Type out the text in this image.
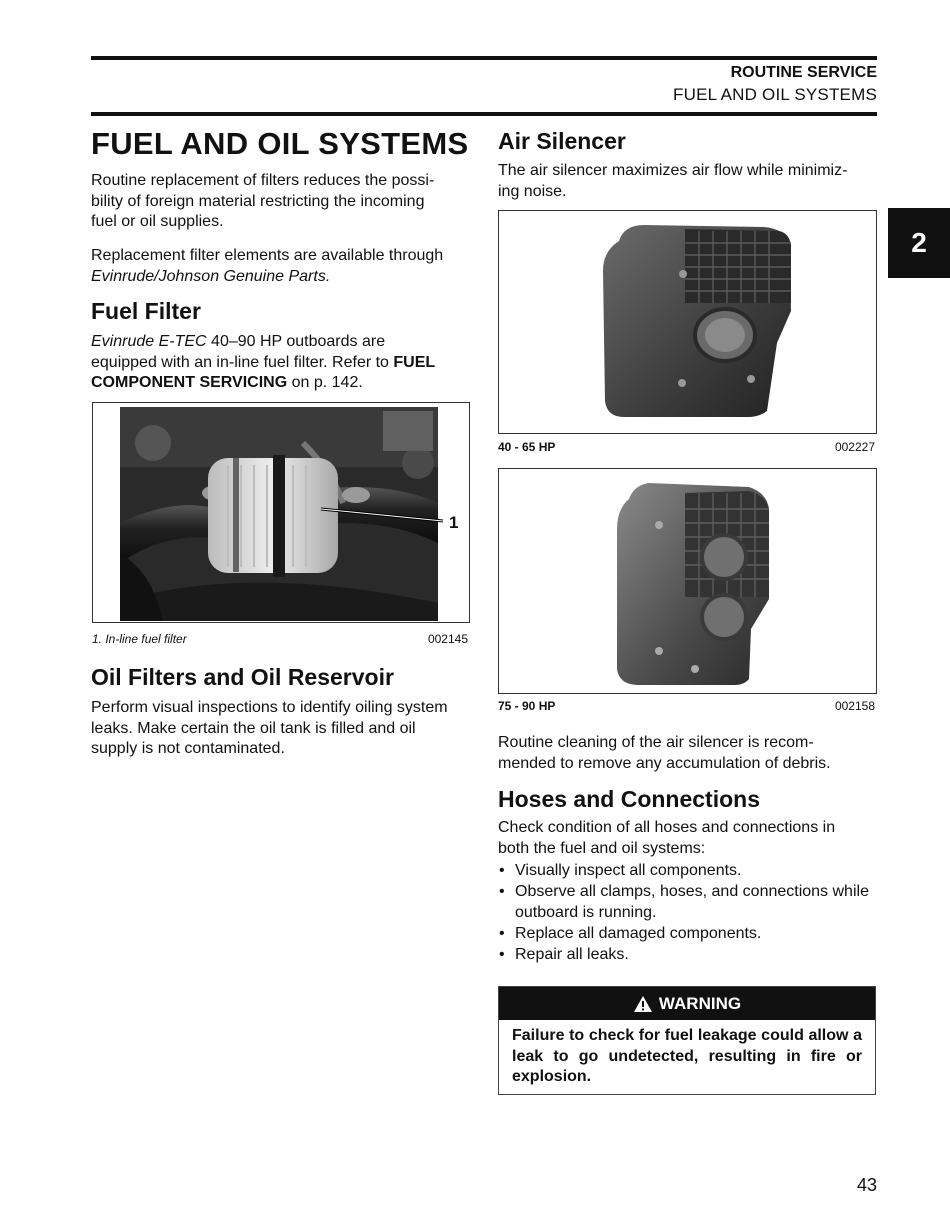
ROUTINE SERVICE
FUEL AND OIL SYSTEMS
2
FUEL AND OIL SYSTEMS
Routine replacement of filters reduces the possi-
bility of foreign material restricting the incoming
fuel or oil supplies.
Replacement filter elements are available through
Evinrude/Johnson Genuine Parts.
Fuel Filter
Evinrude E-TEC 40–90 HP outboards are
equipped with an in-line fuel filter. Refer to FUEL
COMPONENT SERVICING on p. 142.
1
1. In-line fuel filter	002145
Oil Filters and Oil Reservoir
Perform visual inspections to identify oiling system
leaks. Make certain the oil tank is filled and oil
supply is not contaminated.
Air Silencer
The air silencer maximizes air flow while minimiz-
ing noise.
40 - 65 HP	002227
75 - 90 HP	002158
Routine cleaning of the air silencer is recom-
mended to remove any accumulation of debris.
Hoses and Connections
Check condition of all hoses and connections in
both the fuel and oil systems:
• Visually inspect all components.
• Observe all clamps, hoses, and connections while outboard is running.
• Replace all damaged components.
• Repair all leaks.
WARNING
Failure to check for fuel leakage could allow a leak to go undetected, resulting in fire or explosion.
43
